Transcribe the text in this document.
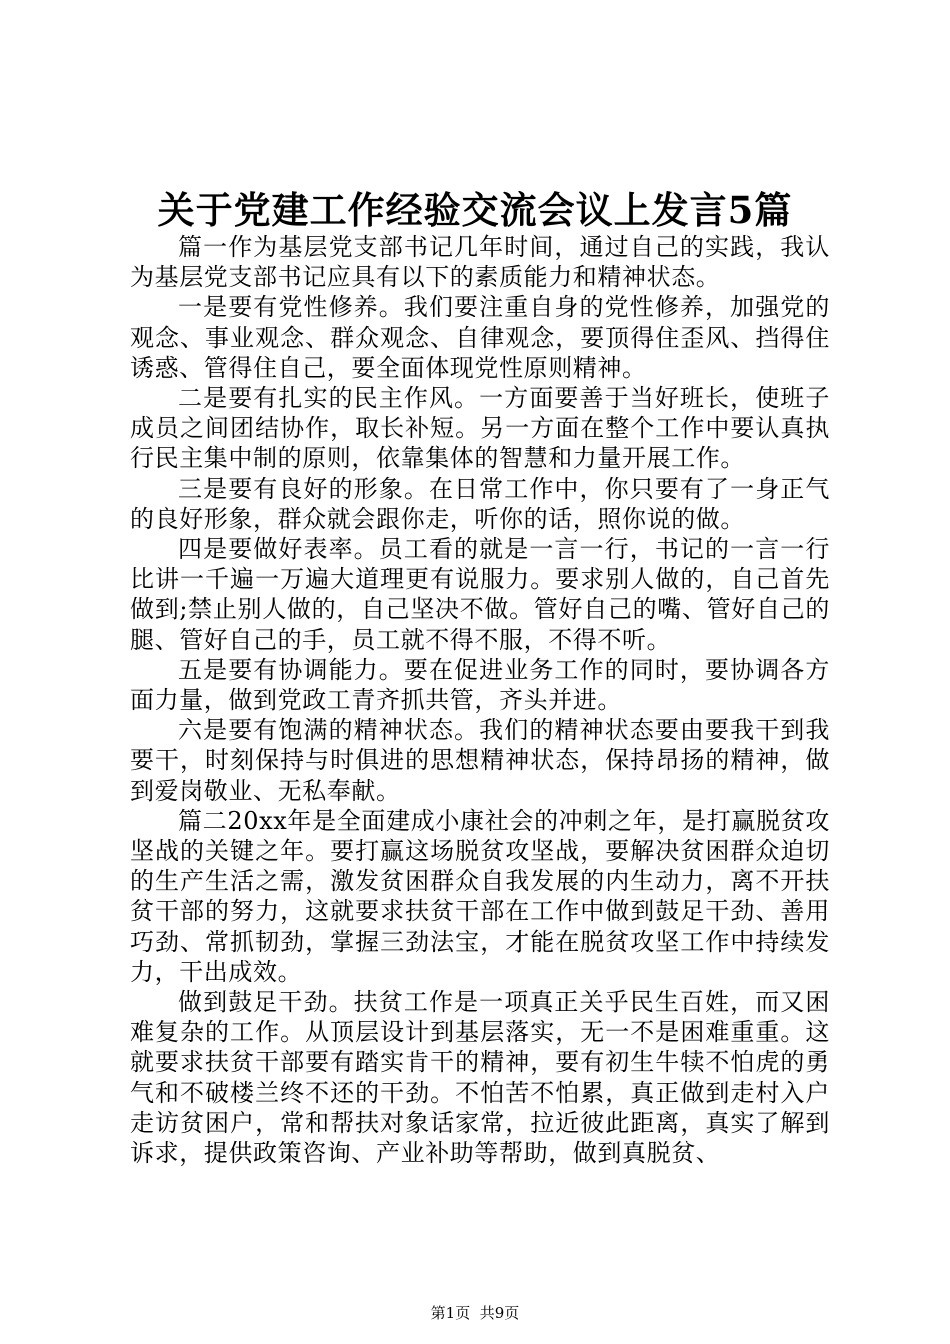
关于党建工作经验交流会议上发言5篇

篇一作为基层党支部书记几年时间，通过自己的实践，我认为基层党支部书记应具有以下的素质能力和精神状态。

一是要有党性修养。我们要注重自身的党性修养，加强党的观念、事业观念、群众观念、自律观念，要顶得住歪风、挡得住诱惑、管得住自己，要全面体现党性原则精神。

二是要有扎实的民主作风。一方面要善于当好班长，使班子成员之间团结协作，取长补短。另一方面在整个工作中要认真执行民主集中制的原则，依靠集体的智慧和力量开展工作。

三是要有良好的形象。在日常工作中，你只要有了一身正气的良好形象，群众就会跟你走，听你的话，照你说的做。

四是要做好表率。员工看的就是一言一行，书记的一言一行比讲一千遍一万遍大道理更有说服力。要求别人做的，自己首先做到;禁止别人做的，自己坚决不做。管好自己的嘴、管好自己的腿、管好自己的手，员工就不得不服，不得不听。

五是要有协调能力。要在促进业务工作的同时，要协调各方面力量，做到党政工青齐抓共管，齐头并进。

六是要有饱满的精神状态。我们的精神状态要由要我干到我要干，时刻保持与时俱进的思想精神状态，保持昂扬的精神，做到爱岗敬业、无私奉献。

篇二20xx年是全面建成小康社会的冲刺之年，是打赢脱贫攻坚战的关键之年。要打赢这场脱贫攻坚战，要解决贫困群众迫切的生产生活之需，激发贫困群众自我发展的内生动力，离不开扶贫干部的努力，这就要求扶贫干部在工作中做到鼓足干劲、善用巧劲、常抓韧劲，掌握三劲法宝，才能在脱贫攻坚工作中持续发力，干出成效。

做到鼓足干劲。扶贫工作是一项真正关乎民生百姓，而又困难复杂的工作。从顶层设计到基层落实，无一不是困难重重。这就要求扶贫干部要有踏实肯干的精神，要有初生牛犊不怕虎的勇气和不破楼兰终不还的干劲。不怕苦不怕累，真正做到走村入户走访贫困户，常和帮扶对象话家常，拉近彼此距离，真实了解到诉求，提供政策咨询、产业补助等帮助，做到真脱贫、

第1页 共9页
